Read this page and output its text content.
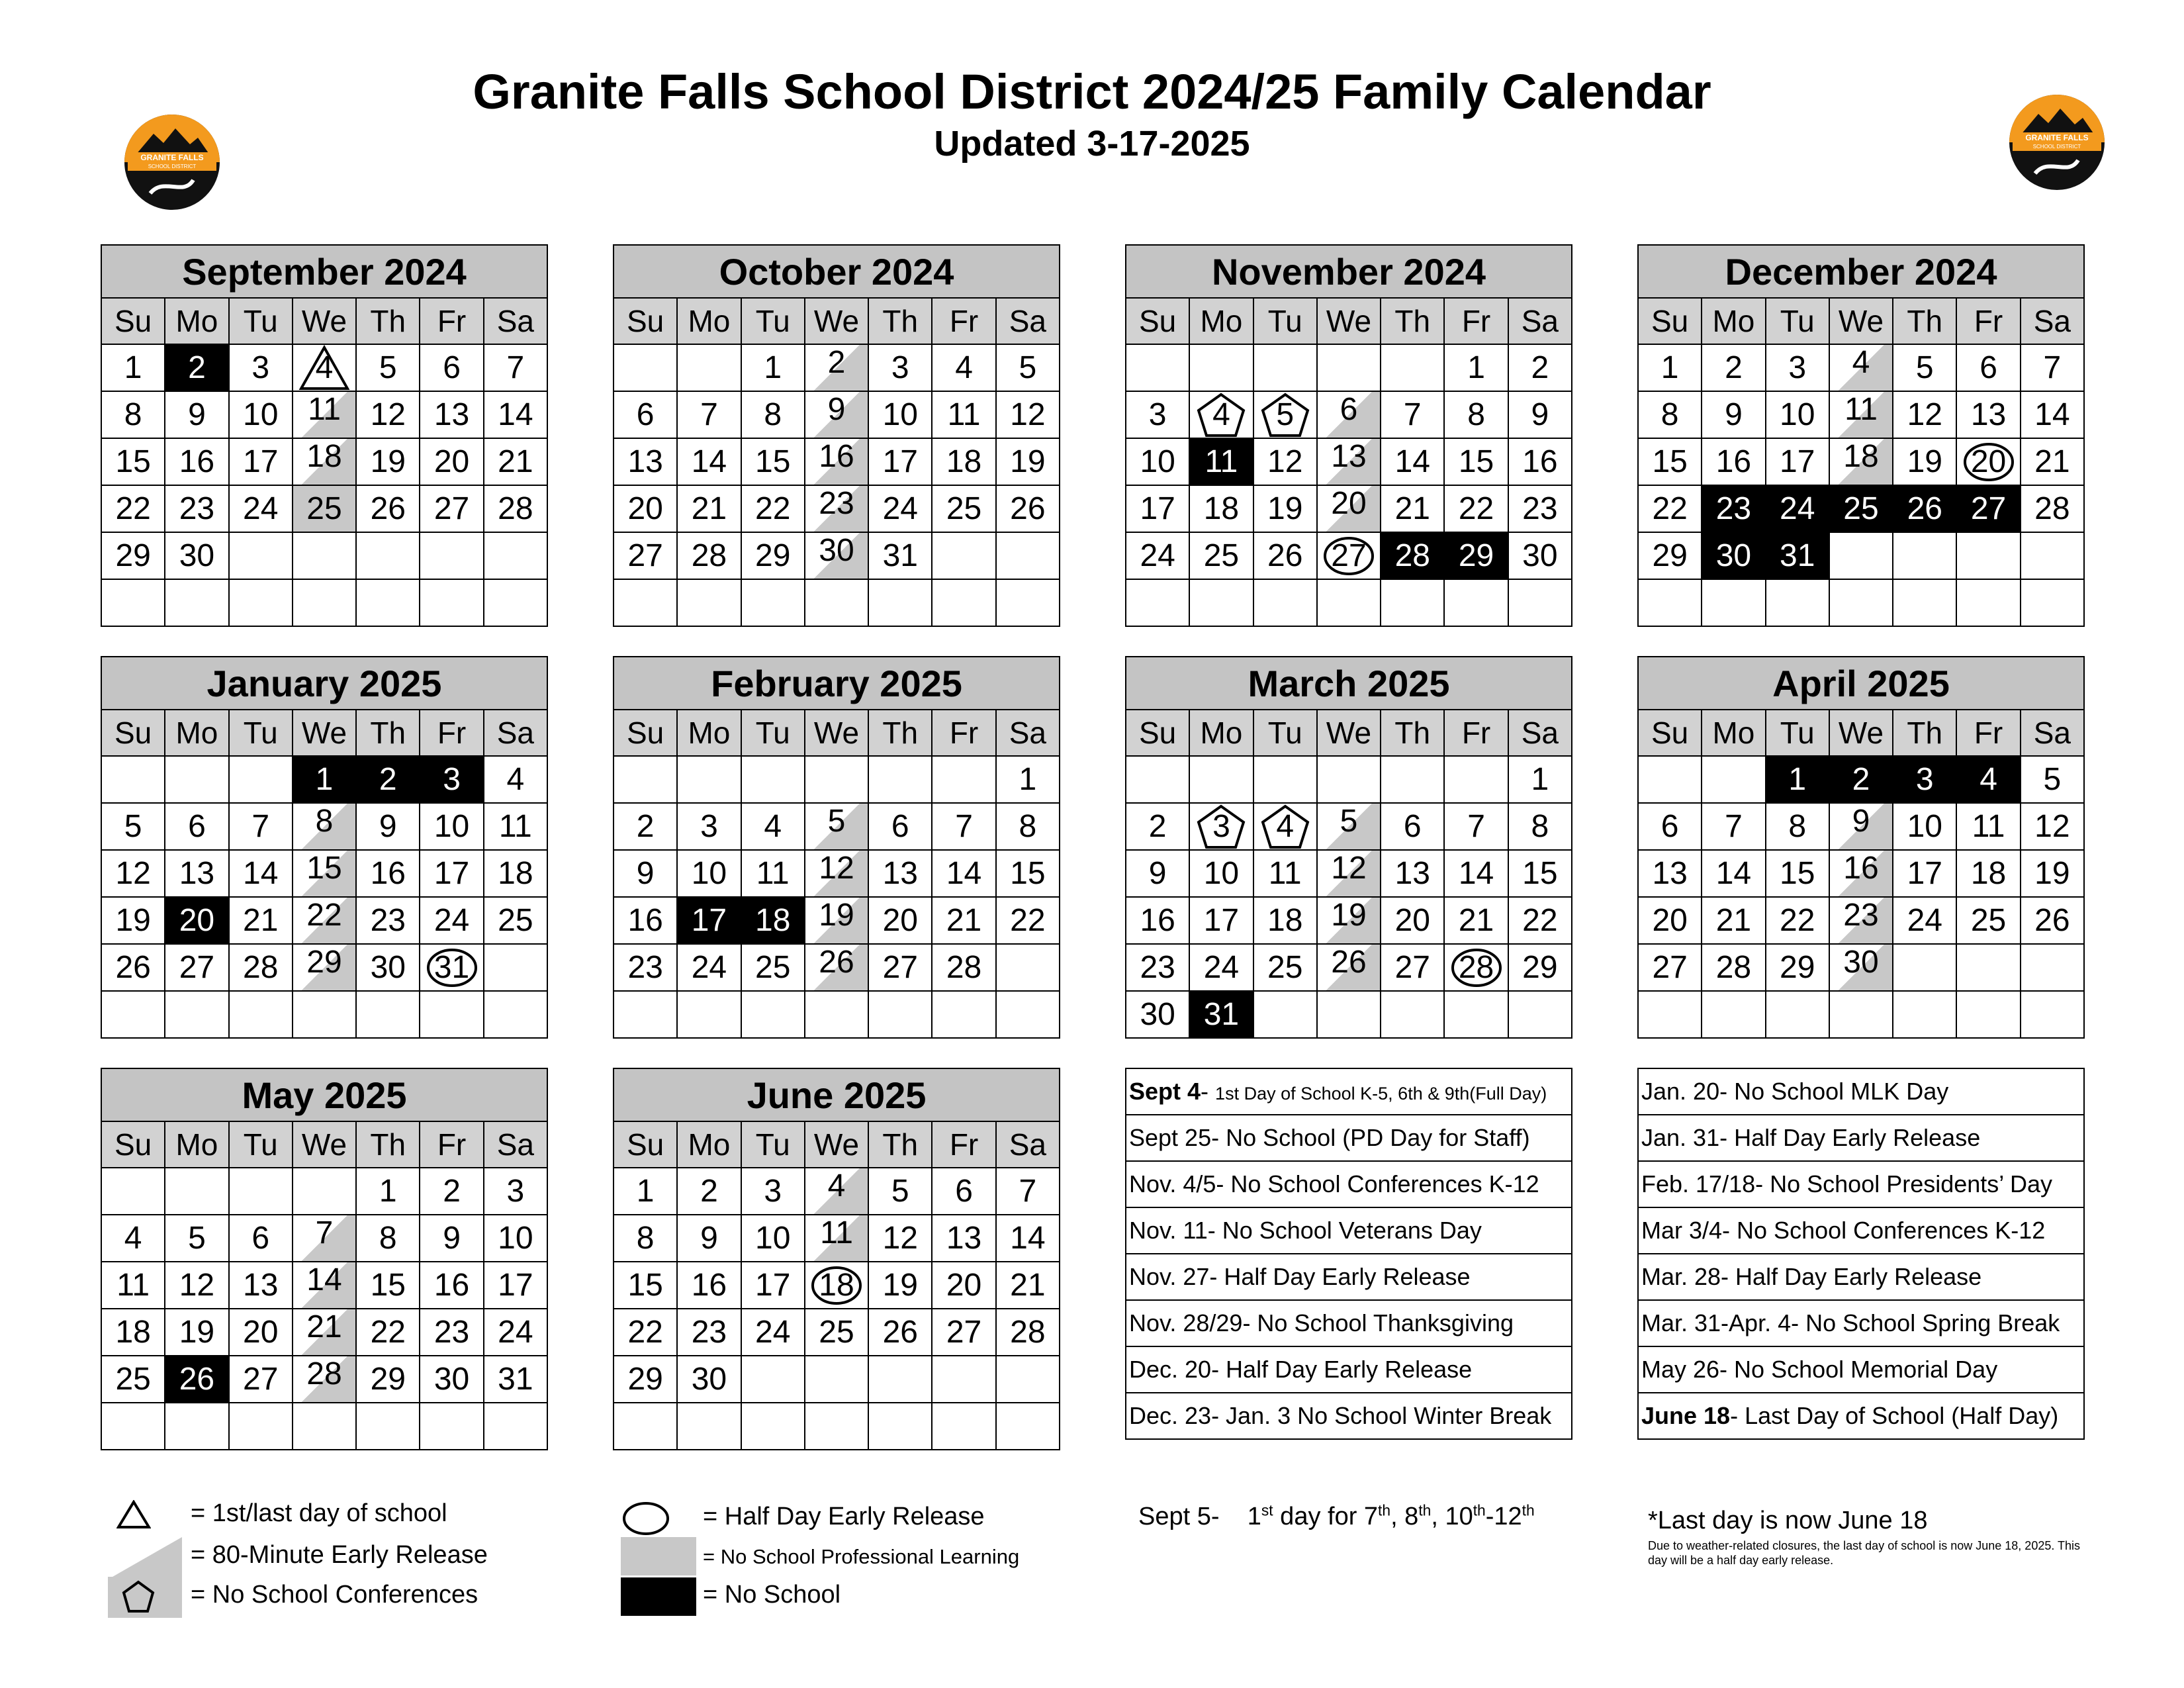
Granite Falls School District 2024/25 Family Calendar
Updated 3-17-2025
GRANITE FALLS
SCHOOL DISTRICT
GRANITE FALLS
SCHOOL DISTRICT
September 2024						
Su	Mo	Tu	We	Th	Fr	Sa
1	2	3	4	5	6	7
8	9	10	11	12	13	14
15	16	17	18	19	20	21
22	23	24	25	26	27	28
29	30					

October 2024						
Su	Mo	Tu	We	Th	Fr	Sa
		1	2	3	4	5
6	7	8	9	10	11	12
13	14	15	16	17	18	19
20	21	22	23	24	25	26
27	28	29	30	31		

November 2024						
Su	Mo	Tu	We	Th	Fr	Sa
					1	2
3	4	5	6	7	8	9
10	11	12	13	14	15	16
17	18	19	20	21	22	23
24	25	26	27	28	29	30

December 2024						
Su	Mo	Tu	We	Th	Fr	Sa
1	2	3	4	5	6	7
8	9	10	11	12	13	14
15	16	17	18	19	20	21
22	23	24	25	26	27	28
29	30	31				

January 2025						
Su	Mo	Tu	We	Th	Fr	Sa
			1	2	3	4
5	6	7	8	9	10	11
12	13	14	15	16	17	18
19	20	21	22	23	24	25
26	27	28	29	30	31

February 2025						
Su	Mo	Tu	We	Th	Fr	Sa
						1
2	3	4	5	6	7	8
9	10	11	12	13	14	15
16	17	18	19	20	21	22
23	24	25	26	27	28	

March 2025						
Su	Mo	Tu	We	Th	Fr	Sa
						1
2	3	4	5	6	7	8
9	10	11	12	13	14	15
16	17	18	19	20	21	22
23	24	25	26	27	28	29
30	31					
April 2025						
Su	Mo	Tu	We	Th	Fr	Sa
		1	2	3	4	5
6	7	8	9	10	11	12
13	14	15	16	17	18	19
20	21	22	23	24	25	26
27	28	29	30			

May 2025						
Su	Mo	Tu	We	Th	Fr	Sa
				1	2	3
4	5	6	7	8	9	10
11	12	13	14	15	16	17
18	19	20	21	22	23	24
25	26	27	28	29	30	31

June 2025						
Su	Mo	Tu	We	Th	Fr	Sa
1	2	3	4	5	6	7
8	9	10	11	12	13	14
15	16	17	18	19	20	21
22	23	24	25	26	27	28
29	30					

Sept 4- 1st Day of School K-5, 6th & 9th(Full Day)
Sept 25- No School (PD Day for Staff)
Nov. 4/5- No School Conferences K-12
Nov. 11- No School Veterans Day
Nov. 27- Half Day Early Release
Nov. 28/29- No School Thanksgiving
Dec. 20- Half Day Early Release
Dec. 23- Jan. 3 No School Winter Break
Jan. 20- No School MLK Day
Jan. 31- Half Day Early Release
Feb. 17/18- No School Presidents’ Day
Mar 3/4- No School Conferences K-12
Mar. 28- Half Day Early Release
Mar. 31-Apr. 4- No School Spring Break
May 26- No School Memorial Day
June 18- Last Day of School (Half Day)
= 1st/last day of school
= 80-Minute Early Release
= No School Conferences
= Half Day Early Release
= No School Professional Learning
= No School
Sept 5-    1st day for 7th, 8th, 10th-12th	*Last day is now June 18
Due to weather-related closures, the last day of school is now June 18, 2025. This day will be a half day early release.
